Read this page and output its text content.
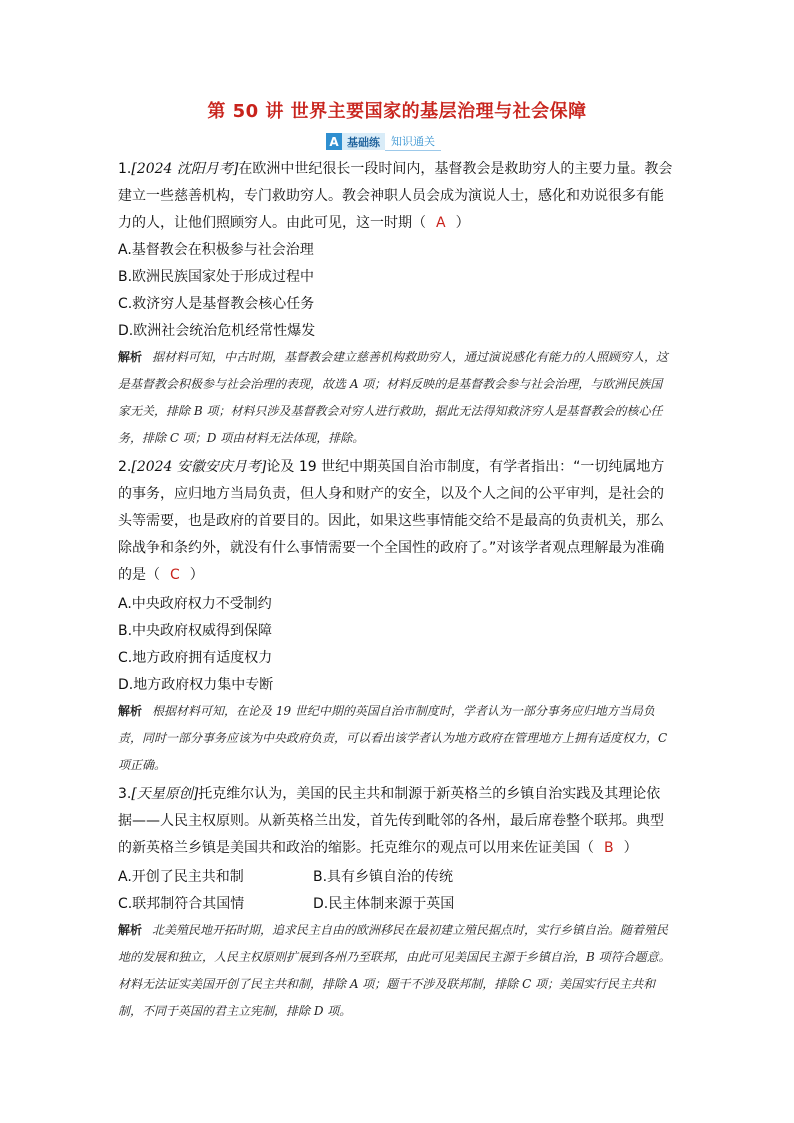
第 50 讲 世界主要国家的基层治理与社会保障
A 基础练	知识通关
1.[2024 沈阳月考]在欧洲中世纪很长一段时间内，基督教会是救助穷人的主要力量。教会建立一些慈善机构，专门救助穷人。教会神职人员会成为演说人士，感化和劝说很多有能力的人，让他们照顾穷人。由此可见，这一时期（ A ）
A.基督教会在积极参与社会治理
B.欧洲民族国家处于形成过程中
C.救济穷人是基督教会核心任务
D.欧洲社会统治危机经常性爆发
解析 据材料可知，中古时期，基督教会建立慈善机构救助穷人，通过演说感化有能力的人照顾穷人，这是基督教会积极参与社会治理的表现，故选 A 项；材料反映的是基督教会参与社会治理，与欧洲民族国家无关，排除 B 项；材料只涉及基督教会对穷人进行救助，据此无法得知救济穷人是基督教会的核心任务，排除 C 项；D 项由材料无法体现，排除。
2.[2024 安徽安庆月考]论及 19 世纪中期英国自治市制度，有学者指出：“一切纯属地方的事务，应归地方当局负责，但人身和财产的安全，以及个人之间的公平审判，是社会的头等需要，也是政府的首要目的。因此，如果这些事情能交给不是最高的负责机关，那么除战争和条约外，就没有什么事情需要一个全国性的政府了。”对该学者观点理解最为准确的是（ C ）
A.中央政府权力不受制约
B.中央政府权威得到保障
C.地方政府拥有适度权力
D.地方政府权力集中专断
解析 根据材料可知，在论及 19 世纪中期的英国自治市制度时，学者认为一部分事务应归地方当局负责，同时一部分事务应该为中央政府负责，可以看出该学者认为地方政府在管理地方上拥有适度权力，C 项正确。
3.[天星原创]托克维尔认为，美国的民主共和制源于新英格兰的乡镇自治实践及其理论依据——人民主权原则。从新英格兰出发，首先传到毗邻的各州，最后席卷整个联邦。典型的新英格兰乡镇是美国共和政治的缩影。托克维尔的观点可以用来佐证美国（ B ）
A.开创了民主共和制	B.具有乡镇自治的传统
C.联邦制符合其国情	D.民主体制来源于英国
解析 北美殖民地开拓时期，追求民主自由的欧洲移民在最初建立殖民据点时，实行乡镇自治。随着殖民地的发展和独立，人民主权原则扩展到各州乃至联邦，由此可见美国民主源于乡镇自治，B 项符合题意。材料无法证实美国开创了民主共和制，排除 A 项；题干不涉及联邦制，排除 C 项；美国实行民主共和制，不同于英国的君主立宪制，排除 D 项。
